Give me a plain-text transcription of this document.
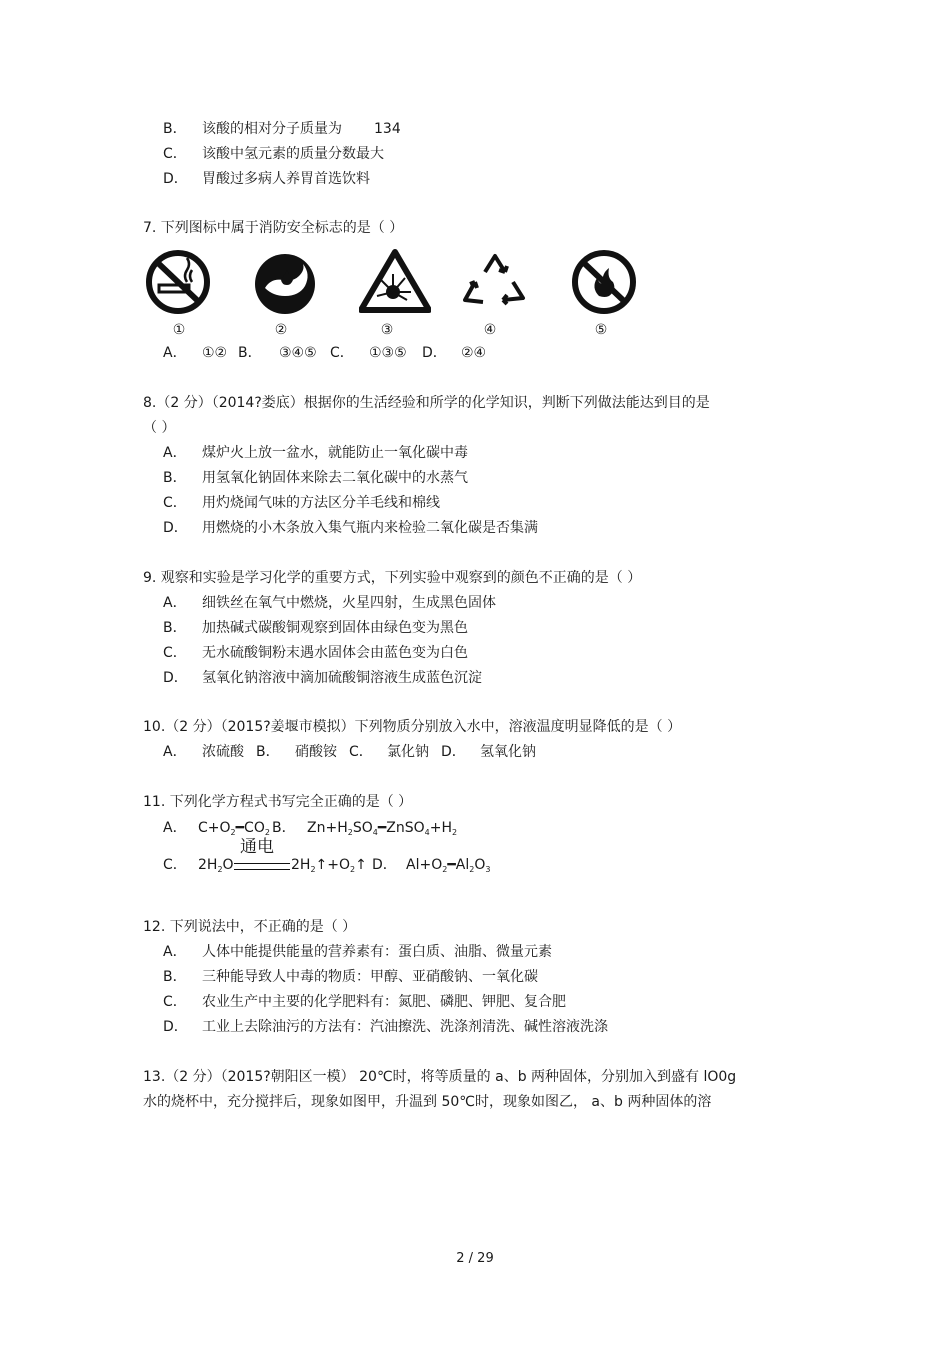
B． 该酸的相对分子质量为 134
C． 该酸中氢元素的质量分数最大
D． 胃酸过多病人养胃首选饮料
7. 下列图标中属于消防安全标志的是（ ）
①	②	③	④	⑤
A． ①② B． ③④⑤ C． ①③⑤ D． ②④
8.（2 分）（2014?娄底）根据你的生活经验和所学的化学知识，判断下列做法能达到目的是
（ ）
A． 煤炉火上放一盆水，就能防止一氧化碳中毒
B． 用氢氧化钠固体来除去二氧化碳中的水蒸气
C． 用灼烧闻气味的方法区分羊毛线和棉线
D． 用燃烧的小木条放入集气瓶内来检验二氧化碳是否集满
9. 观察和实验是学习化学的重要方式，下列实验中观察到的颜色不正确的是（ ）
A． 细铁丝在氧气中燃烧，火星四射，生成黑色固体
B． 加热碱式碳酸铜观察到固体由绿色变为黑色
C． 无水硫酸铜粉末遇水固体会由蓝色变为白色
D． 氢氧化钠溶液中滴加硫酸铜溶液生成蓝色沉淀
10.（2 分）（2015?姜堰市模拟）下列物质分别放入水中，溶液温度明显降低的是（ ）
A． 浓硫酸 B． 硝酸铵 C． 氯化钠 D． 氢氧化钠
11. 下列化学方程式书写完全正确的是（ ）
A． $C+O_2━CO_2$ B． $Zn+H_2SO_4━ZnSO_4+H_2$
C． $2H_2O$
通电
$2H_2↑+O_2↑$ D． $Al+O_2━Al_2O_3$
12. 下列说法中，不正确的是（ ）
A． 人体中能提供能量的营养素有：蛋白质、油脂、微量元素
B． 三种能导致人中毒的物质：甲醇、亚硝酸钠、一氧化碳
C． 农业生产中主要的化学肥料有：氮肥、磷肥、钾肥、复合肥
D． 工业上去除油污的方法有：汽油擦洗、洗涤剂清洗、碱性溶液洗涤
13.（2 分）（2015?朝阳区一模） 20℃时，将等质量的 a、b 两种固体，分别加入到盛有 lO0g
水的烧杯中，充分搅拌后，现象如图甲，升温到 50℃时，现象如图乙， a、b 两种固体的溶
2 / 29
